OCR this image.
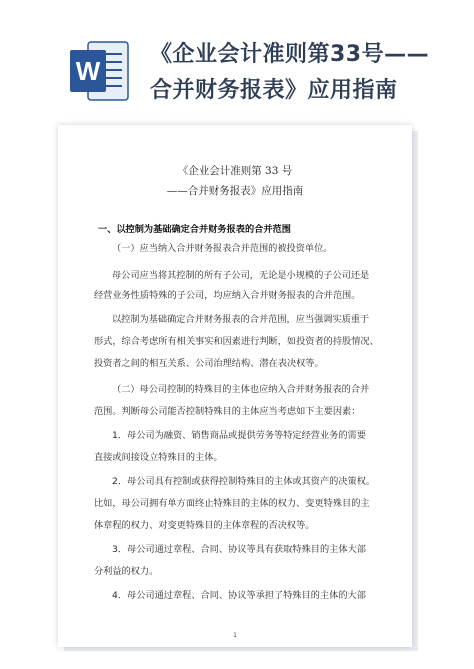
W
《企业会计准则第33号——
合并财务报表》应用指南
《企业会计准则第 33 号
——合并财务报表》应用指南
一、以控制为基础确定合并财务报表的合并范围
（一）应当纳入合并财务报表合并范围的被投资单位。
母公司应当将其控制的所有子公司，无论是小规模的子公司还是
经营业务性质特殊的子公司，均应纳入合并财务报表的合并范围。
以控制为基础确定合并财务报表的合并范围，应当强调实质重于
形式，综合考虑所有相关事实和因素进行判断，如投资者的持股情况、
投资者之间的相互关系、公司治理结构、潜在表决权等。
（二）母公司控制的特殊目的主体也应纳入合并财务报表的合并
范围。判断母公司能否控制特殊目的主体应当考虑如下主要因素：
1．母公司为融资、销售商品或提供劳务等特定经营业务的需要
直接或间接设立特殊目的主体。
2．母公司具有控制或获得控制特殊目的主体或其资产的决策权。
比如，母公司拥有单方面终止特殊目的主体的权力、变更特殊目的主
体章程的权力、对变更特殊目的主体章程的否决权等。
3．母公司通过章程、合同、协议等具有获取特殊目的主体大部
分利益的权力。
4．母公司通过章程、合同、协议等承担了特殊目的主体的大部
1
